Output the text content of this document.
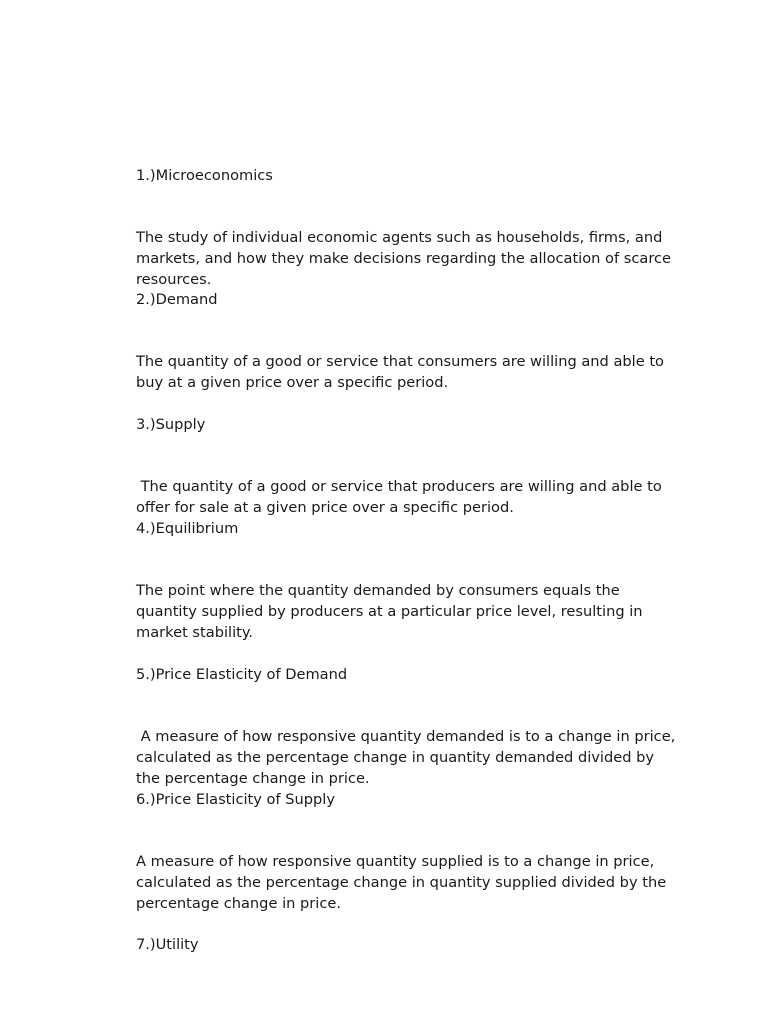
1.)Microeconomics

The study of individual economic agents such as households, firms, and markets, and how they make decisions regarding the allocation of scarce resources.

2.)Demand

The quantity of a good or service that consumers are willing and able to buy at a given price over a specific period.

3.)Supply

The quantity of a good or service that producers are willing and able to offer for sale at a given price over a specific period.

4.)Equilibrium

The point where the quantity demanded by consumers equals the quantity supplied by producers at a particular price level, resulting in market stability.

5.)Price Elasticity of Demand

A measure of how responsive quantity demanded is to a change in price, calculated as the percentage change in quantity demanded divided by the percentage change in price.

6.)Price Elasticity of Supply

A measure of how responsive quantity supplied is to a change in price, calculated as the percentage change in quantity supplied divided by the percentage change in price.

7.)Utility
